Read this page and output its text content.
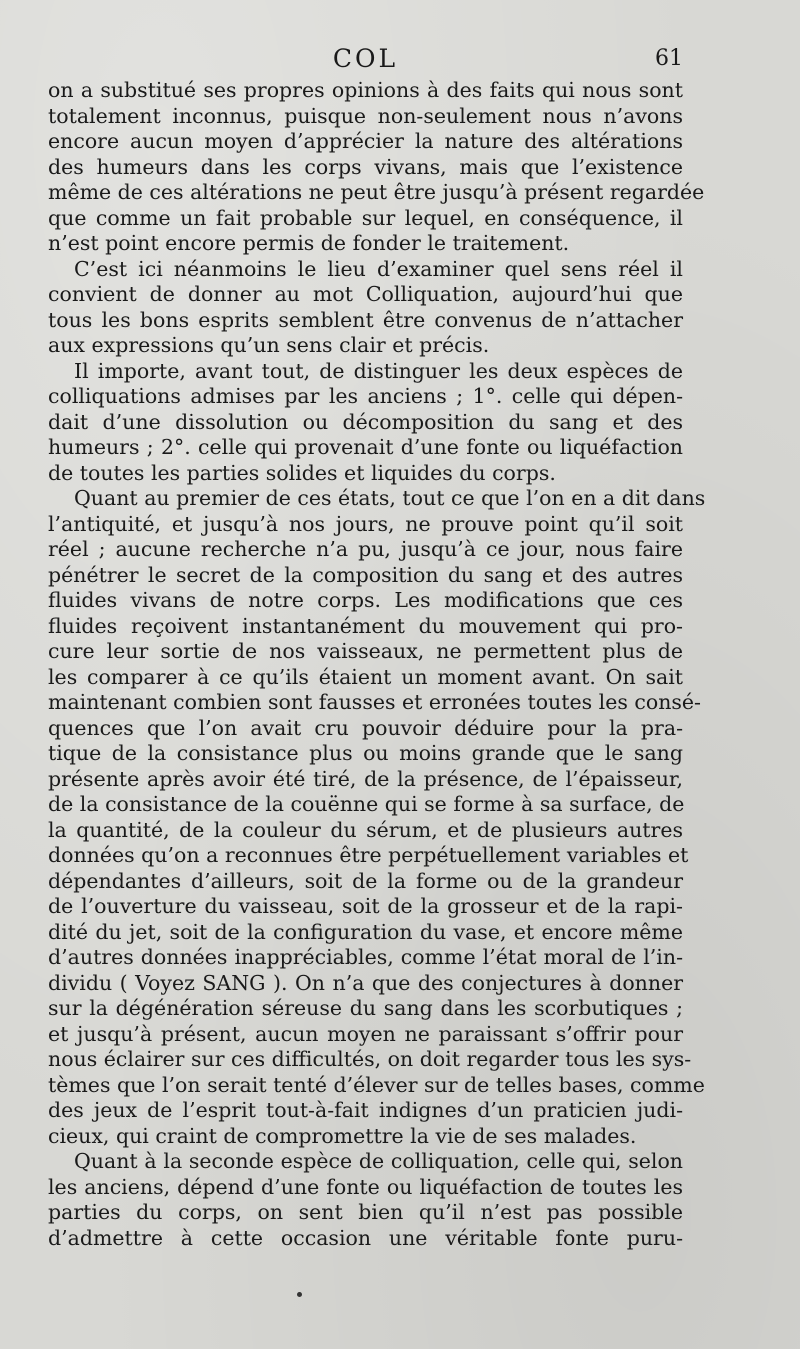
COL	61
on a substitué ses propres opinions à des faits qui nous sont
totalement inconnus, puisque non-seulement nous n’avons
encore aucun moyen d’apprécier la nature des altérations
des humeurs dans les corps vivans, mais que l’existence
même de ces altérations ne peut être jusqu’à présent regardée
que comme un fait probable sur lequel, en conséquence, il
n’est point encore permis de fonder le traitement.
C’est ici néanmoins le lieu d’examiner quel sens réel il
convient de donner au mot Colliquation, aujourd’hui que
tous les bons esprits semblent être convenus de n’attacher
aux expressions qu’un sens clair et précis.
Il importe, avant tout, de distinguer les deux espèces de
colliquations admises par les anciens ; 1°. celle qui dépen-
dait d’une dissolution ou décomposition du sang et des
humeurs ; 2°. celle qui provenait d’une fonte ou liquéfaction
de toutes les parties solides et liquides du corps.
Quant au premier de ces états, tout ce que l’on en a dit dans
l’antiquité, et jusqu’à nos jours, ne prouve point qu’il soit
réel ; aucune recherche n’a pu, jusqu’à ce jour, nous faire
pénétrer le secret de la composition du sang et des autres
fluides vivans de notre corps. Les modifications que ces
fluides reçoivent instantanément du mouvement qui pro-
cure leur sortie de nos vaisseaux, ne permettent plus de
les comparer à ce qu’ils étaient un moment avant. On sait
maintenant combien sont fausses et erronées toutes les consé-
quences que l’on avait cru pouvoir déduire pour la pra-
tique de la consistance plus ou moins grande que le sang
présente après avoir été tiré, de la présence, de l’épaisseur,
de la consistance de la couënne qui se forme à sa surface, de
la quantité, de la couleur du sérum, et de plusieurs autres
données qu’on a reconnues être perpétuellement variables et
dépendantes d’ailleurs, soit de la forme ou de la grandeur
de l’ouverture du vaisseau, soit de la grosseur et de la rapi-
dité du jet, soit de la configuration du vase, et encore même
d’autres données inappréciables, comme l’état moral de l’in-
dividu ( Voyez SANG ). On n’a que des conjectures à donner
sur la dégénération séreuse du sang dans les scorbutiques ;
et jusqu’à présent, aucun moyen ne paraissant s’offrir pour
nous éclairer sur ces difficultés, on doit regarder tous les sys-
tèmes que l’on serait tenté d’élever sur de telles bases, comme
des jeux de l’esprit tout-à-fait indignes d’un praticien judi-
cieux, qui craint de compromettre la vie de ses malades.
Quant à la seconde espèce de colliquation, celle qui, selon
les anciens, dépend d’une fonte ou liquéfaction de toutes les
parties du corps, on sent bien qu’il n’est pas possible
d’admettre à cette occasion une véritable fonte puru-
